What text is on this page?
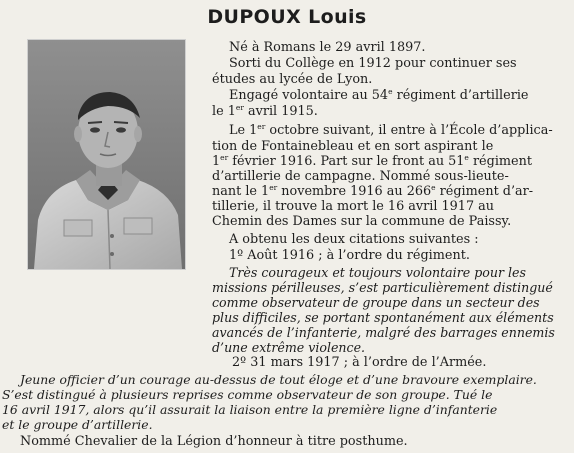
DUPOUX Louis
Né à Romans le 29 avril 1897.
Sorti du Collège en 1912 pour continuer ses
études au lycée de Lyon.
Engagé volontaire au 54e régiment d’artillerie
le 1er avril 1915.
Le 1er octobre suivant, il entre à l’École d’applica-
tion de Fontainebleau et en sort aspirant le
1er février 1916. Part sur le front au 51e régiment
d’artillerie de campagne. Nommé sous-lieute-
nant le 1er novembre 1916 au 266e régiment d’ar-
tillerie, il trouve la mort le 16 avril 1917 au
Chemin des Dames sur la commune de Paissy.
A obtenu les deux citations suivantes :
1º Août 1916 ; à l’ordre du régiment.
Très courageux et toujours volontaire pour les
missions périlleuses, s’est particulièrement distingué
comme observateur de groupe dans un secteur des
plus difficiles, se portant spontanément aux éléments
avancés de l’infanterie, malgré des barrages ennemis
d’une extrême violence.
2º 31 mars 1917 ; à l’ordre de l’Armée.
Jeune officier d’un courage au-dessus de tout éloge et d’une bravoure exemplaire.
S’est distingué à plusieurs reprises comme observateur de son groupe. Tué le
16 avril 1917, alors qu’il assurait la liaison entre la première ligne d’infanterie
et le groupe d’artillerie.
Nommé Chevalier de la Légion d’honneur à titre posthume.
